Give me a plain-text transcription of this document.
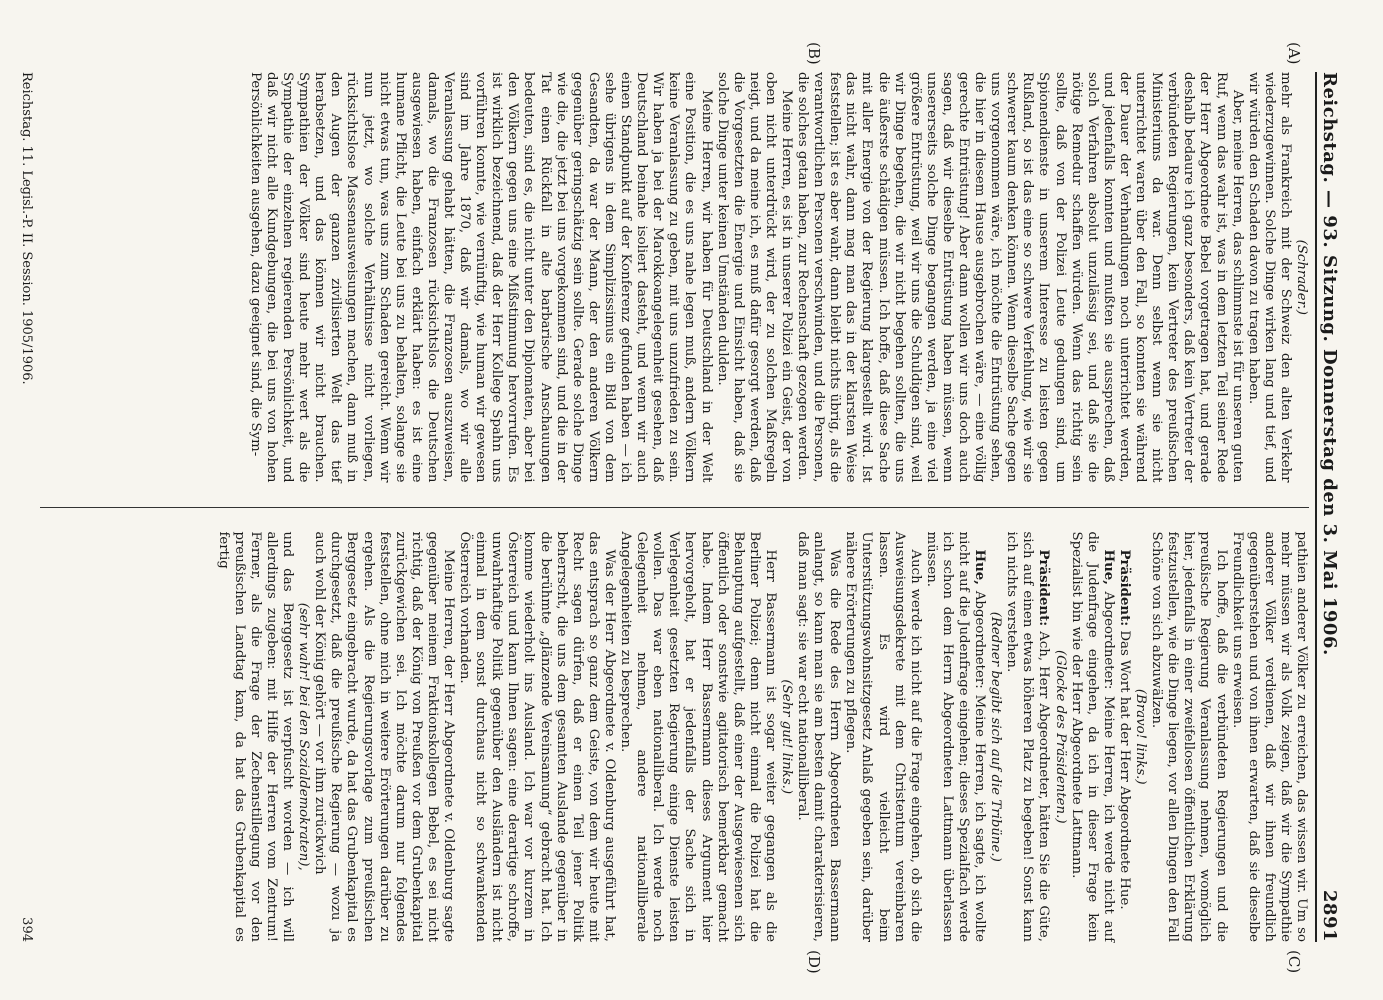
Reichstag. — 93. Sitzung. Donnerstag den 3. Mai 1906.
2891
(A)
(B)
(C)
(D)

(Schrader.)

mehr als Frankreich mit der Schweiz den alten Verkehr wiederzugewinnen. Solche Dinge wirken lang und tief, und wir würden den Schaden davon zu tragen haben.

Aber, meine Herren, das schlimmste ist für unseren guten Ruf, wenn das wahr ist, was in dem letzten Teil seiner Rede der Herr Abgeordnete Bebel vorgetragen hat, und gerade deshalb bedaure ich ganz besonders, daß kein Vertreter der verbündeten Regierungen, kein Vertreter des preußischen Ministeriums da war. Denn selbst wenn sie nicht unterrichtet waren über den Fall, so konnten sie während der Dauer der Verhandlungen noch unterrichtet werden, und jedenfalls konnten und mußten sie aussprechen, daß solch Verfahren absolut unzulässig sei, und daß sie die nötige Remedur schaffen würden. Wenn das richtig sein sollte, daß von der Polizei Leute gedungen sind, um Spionendienste in unserem Interesse zu leisten gegen Rußland, so ist das eine so schwere Verfehlung, wie wir sie schwerer kaum denken können. Wenn dieselbe Sache gegen uns vorgenommen wäre, ich möchte die Entrüstung sehen, die hier in diesem Hause ausgebrochen wäre, — eine völlig gerechte Entrüstung! Aber dann wollen wir uns doch auch sagen, daß wir dieselbe Entrüstung haben müssen, wenn unsererseits solche Dinge begangen werden, ja eine viel größere Entrüstung, weil wir uns die Schuldigen sind, weil wir Dinge begehen, die wir nicht begehen sollten, die uns die äußerste schädigen müssen. Ich hoffe, daß diese Sache mit aller Energie von der Regierung klargestellt wird. Ist das nicht wahr, dann mag man das in der klarsten Weise feststellen; ist es aber wahr, dann bleibt nichts übrig, als die verantwortlichen Personen verschwinden, und die Personen, die solches getan haben, zur Rechenschaft gezogen werden.

Meine Herren, es ist in unserer Polizei ein Geist, der von oben nicht unterdrückt wird, der zu solchen Maßregeln neigt, und da meine ich, es muß dafür gesorgt werden, daß die Vorgesetzten die Energie und Einsicht haben, daß sie solche Dinge unter keinen Umständen dulden.

Meine Herren, wir haben für Deutschland in der Welt eine Position, die es uns nahe legen muß, andern Völkern keine Veranlassung zu geben, mit uns unzufrieden zu sein. Wir haben ja bei der Marokkoangelegenheit gesehen, daß Deutschland beinahe isoliert dasteht, und wenn wir auch einen Standpunkt auf der Konferenz gefunden haben — ich sehe übrigens in dem Simplizissimus ein Bild von dem Gesandten, da war der Mann, der den anderen Völkern gegenüber geringschätzig sein sollte. Gerade solche Dinge wie die, die jetzt bei uns vorgekommen sind, und die in der Tat einen Rückfall in alte barbarische Anschauungen bedeuten, sind es, die nicht unter den Diplomaten, aber bei den Völkern gegen uns eine Mißstimmung hervorrufen. Es ist wirklich bezeichnend, daß der Herr Kollege Spahn uns vorführen konnte, wie vernünftig, wie human wir gewesen sind im Jahre 1870, daß wir damals, wo wir alle Veranlassung gehabt hätten, die Franzosen auszuweisen, damals, wo die Franzosen rücksichtslos die Deutschen ausgewiesen haben, einfach erklärt haben: es ist eine humane Pflicht, die Leute bei uns zu behalten, solange sie nicht etwas tun, was uns zum Schaden gereicht. Wenn wir nun jetzt, wo solche Verhältnisse nicht vorliegen, rücksichtslose Massenausweisungen machen, dann muß in den Augen der ganzen zivilisierten Welt das tief herabsetzen, und das können wir nicht brauchen. Sympathien der Völker sind heute mehr wert als die Sympathie der einzelnen regierenden Persönlichkeit, und daß wir nicht alle Kundgebungen, die bei uns von hohen Persönlichkeiten ausgehen, dazu geeignet sind, die Sym-

pathien anderer Völker zu erreichen, das wissen wir. Um so mehr müssen wir als Volk zeigen, daß wir die Sympathie anderer Völker verdienen, daß wir ihnen freundlich gegenüberstehen und von ihnen erwarten, daß sie dieselbe Freundlichkeit uns erweisen.

Ich hoffe, daß die verbündeten Regierungen und die preußische Regierung Veranlassung nehmen, womöglich hier, jedenfalls in einer zweifellosen öffentlichen Erklärung festzustellen, wie die Dinge liegen, vor allen Dingen den Fall Schöne von sich abzuwälzen.

(Bravo! links.)

Präsident: Das Wort hat der Herr Abgeordnete Hue.

Hue, Abgeordneter: Meine Herren, ich werde nicht auf die Judenfrage eingehen, da ich in dieser Frage kein Spezialist bin wie der Herr Abgeordnete Lattmann.

(Glocke des Präsidenten.)

Präsident: Ach, Herr Abgeordneter, hätten Sie die Güte, sich auf einen etwas höheren Platz zu begeben! Sonst kann ich nichts verstehen.

(Redner begibt sich auf die Tribüne.)

Hue, Abgeordneter: Meine Herren, ich sagte, ich wollte nicht auf die Judenfrage eingehen; dieses Spezialfach werde ich schon dem Herrn Abgeordneten Lattmann überlassen müssen.

Auch werde ich nicht auf die Frage eingehen, ob sich die Ausweisungsdekrete mit dem Christentum vereinbaren lassen. Es wird vielleicht beim Unterstützungswohnsitzgesetz Anlaß gegeben sein, darüber nähere Erörterungen zu pflegen.

Was die Rede des Herrn Abgeordneten Bassermann anlangt, so kann man sie am besten damit charakterisieren, daß man sagt: sie war echt nationalliberal.

(Sehr gut! links.)

Herr Bassermann ist sogar weiter gegangen als die Berliner Polizei; denn nicht einmal die Polizei hat die Behauptung aufgestellt, daß einer der Ausgewiesenen sich öffentlich oder sonstwie agitatorisch bemerkbar gemacht habe. Indem Herr Bassermann dieses Argument hier hervorgeholt, hat er jedenfalls der Sache sich in Verlegenheit gesetzten Regierung einige Dienste leisten wollen. Das war eben nationalliberal. Ich werde noch Gelegenheit nehmen, andere nationalliberale Angelegenheiten zu besprechen.

Was der Herr Abgeordnete v. Oldenburg ausgeführt hat, das entsprach so ganz dem Geiste, von dem wir heute mit Recht sagen dürfen, daß er einen Teil jener Politik beherrscht, die uns dem gesamten Auslande gegenüber in die berühmte „glänzende Vereinsamung“ gebracht hat. Ich komme wiederholt ins Ausland. Ich war vor kurzem in Österreich und kann Ihnen sagen: eine derartige schroffe, unwahrhaftige Politik gegenüber den Ausländern ist nicht einmal in dem sonst durchaus nicht so schwankenden Österreich vorhanden.

Meine Herren, der Herr Abgeordnete v. Oldenburg sagte gegenüber meinem Fraktionskollegen Bebel, es sei nicht richtig, daß der König von Preußen vor dem Grubenkapital zurückgewichen sei. Ich möchte darum nur folgendes feststellen, ohne mich in weitere Erörterungen darüber zu ergehen. Als die Regierungsvorlage zum preußischen Berggesetz eingebracht wurde, da hat das Grubenkapital es durchgesetzt, daß die preußische Regierung — wozu ja auch wohl der König gehört — vor ihm zurückwich

(sehr wahr! bei den Sozialdemokraten),

und das Berggesetz ist verpfuscht worden — ich will allerdings zugeben: mit Hilfe der Herren vom Zentrum! Ferner, als die Frage der Zechenstillegung vor den preußischen Landtag kam, da hat das Grubenkapital es fertig

Reichstag. 11. Legisl.-P. II. Session. 1905/1906.
394
